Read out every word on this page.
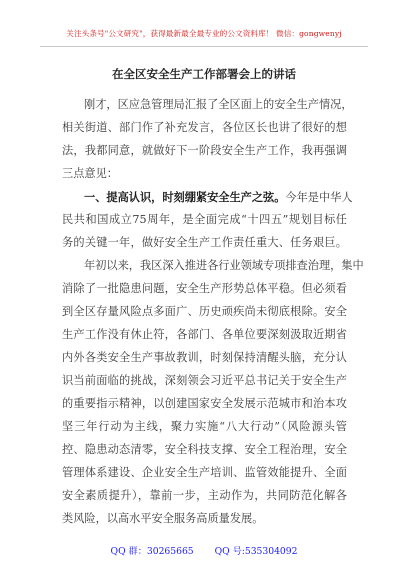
关注头条号"公文研究"，获得最新最全最专业的公文资料库！ 微信：gongwenyj
在全区安全生产工作部署会上的讲话
刚才，区应急管理局汇报了全区面上的安全生产情况，
相关街道、部门作了补充发言，各位区长也讲了很好的想
法，我都同意，就做好下一阶段安全生产工作，我再强调
三点意见：
一、提高认识，时刻绷紧安全生产之弦。今年是中华人
民共和国成立75周年，是全面完成“十四五”规划目标任
务的关键一年，做好安全生产工作责任重大、任务艰巨。
年初以来，我区深入推进各行业领域专项排查治理，集中
消除了一批隐患问题，安全生产形势总体平稳。但必须看
到全区存量风险点多面广、历史顽疾尚未彻底根除。安全
生产工作没有休止符，各部门、各单位要深刻汲取近期省
内外各类安全生产事故教训，时刻保持清醒头脑，充分认
识当前面临的挑战，深刻领会习近平总书记关于安全生产
的重要指示精神，以创建国家安全发展示范城市和治本攻
坚三年行动为主线，聚力实施“八大行动”（风险源头管
控、隐患动态清零，安全科技支撑、安全工程治理，安全
管理体系建设、企业安全生产培训、监管效能提升、全面
安全素质提升），靠前一步，主动作为，共同防范化解各
类风险，以高水平安全服务高质量发展。
QQ 群：30265665 QQ 号:535304092
